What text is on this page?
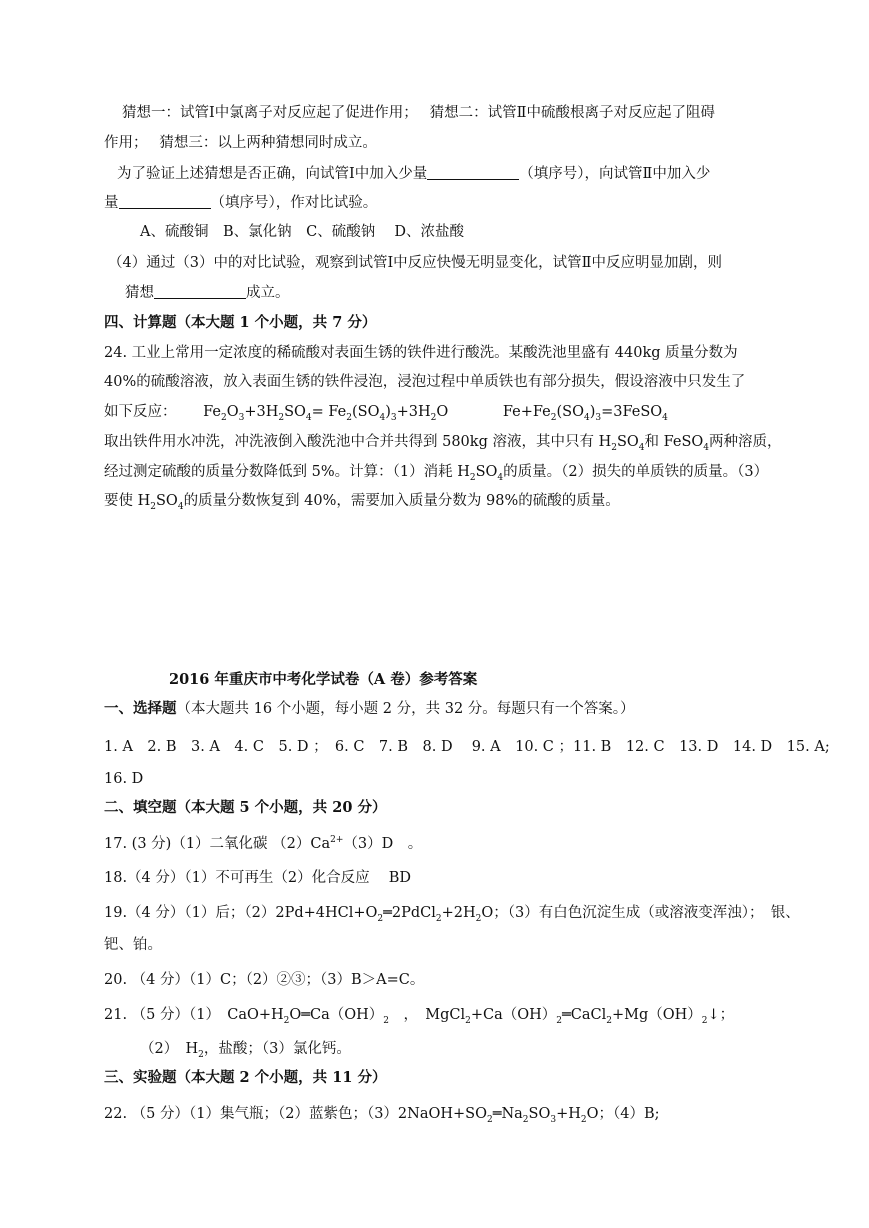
猜想一：试管Ⅰ中氯离子对反应起了促进作用；　 猜想二：试管Ⅱ中硫酸根离子对反应起了阻碍
作用；　 猜想三：以上两种猜想同时成立。
为了验证上述猜想是否正确，向试管Ⅰ中加入少量	（填序号），向试管Ⅱ中加入少
量	（填序号），作对比试验。
A、硫酸铜　B、氯化钠　C、硫酸钠　 D、浓盐酸
（4）通过（3）中的对比试验，观察到试管Ⅰ中反应快慢无明显变化，试管Ⅱ中反应明显加剧，则
猜想	成立。
四、计算题（本大题 1 个小题，共 7 分）
24. 工业上常用一定浓度的稀硫酸对表面生锈的铁件进行酸洗。某酸洗池里盛有 440kg 质量分数为
40%的硫酸溶液，放入表面生锈的铁件浸泡，浸泡过程中单质铁也有部分损失，假设溶液中只发生了
如下反应： $Fe_2O_3+3H_2SO_4= Fe_2(SO_4)_3+3H_2O$	$Fe+Fe_2(SO_4)_3=3FeSO_4$
取出铁件用水冲洗，冲洗液倒入酸洗池中合并共得到 580kg 溶液，其中只有 $H_2SO_4$和 FeSO$_4$两种溶质，
经过测定硫酸的质量分数降低到 5%。计算：（1）消耗 $H_2SO_4$的质量。（2）损失的单质铁的质量。（3）
要使 $H_2SO_4$的质量分数恢复到 40%，需要加入质量分数为 98%的硫酸的质量。
2016 年重庆市中考化学试卷（A 卷）参考答案
一、选择题（本大题共 16 个小题，每小题 2 分，共 32 分。每题只有一个答案。）
1. A　2. B　3. A　4. C　5. D ；　6. C　7. B　8. D　 9. A　10. C ；11. B　12. C　13. D　14. D　15. A;
16. D
二、填空题（本大题 5 个小题，共 20 分）
17. (3 分)（1）二氧化碳 $(2)Ca^{2+}(3)D$　。
18.（4 分）（1）不可再生（2）化合反应　 BD
19.（4 分）（1）后；$(2)2Pd+4HCl+O_2═2PdCl_2+2H_2O$；（3）有白色沉淀生成（或溶液变浑浊）；　银、
钯、铂。
20. （4 分）（1）C；（2）②③；（3）B＞A=C。
21. （5 分）（1）　$CaO+H_2O═Ca(OH)_2$　，　$MgCl_2+Ca(OH)_2═CaCl_2+Mg(OH)_2↓$；
（2）　$H_2$，盐酸；（3）氯化钙。
三、实验题（本大题 2 个小题，共 11 分）
22. （5 分）（1）集气瓶；（2）蓝紫色；$(3)2NaOH+SO_2═Na_2SO_3+H_2O$；（4）B;
